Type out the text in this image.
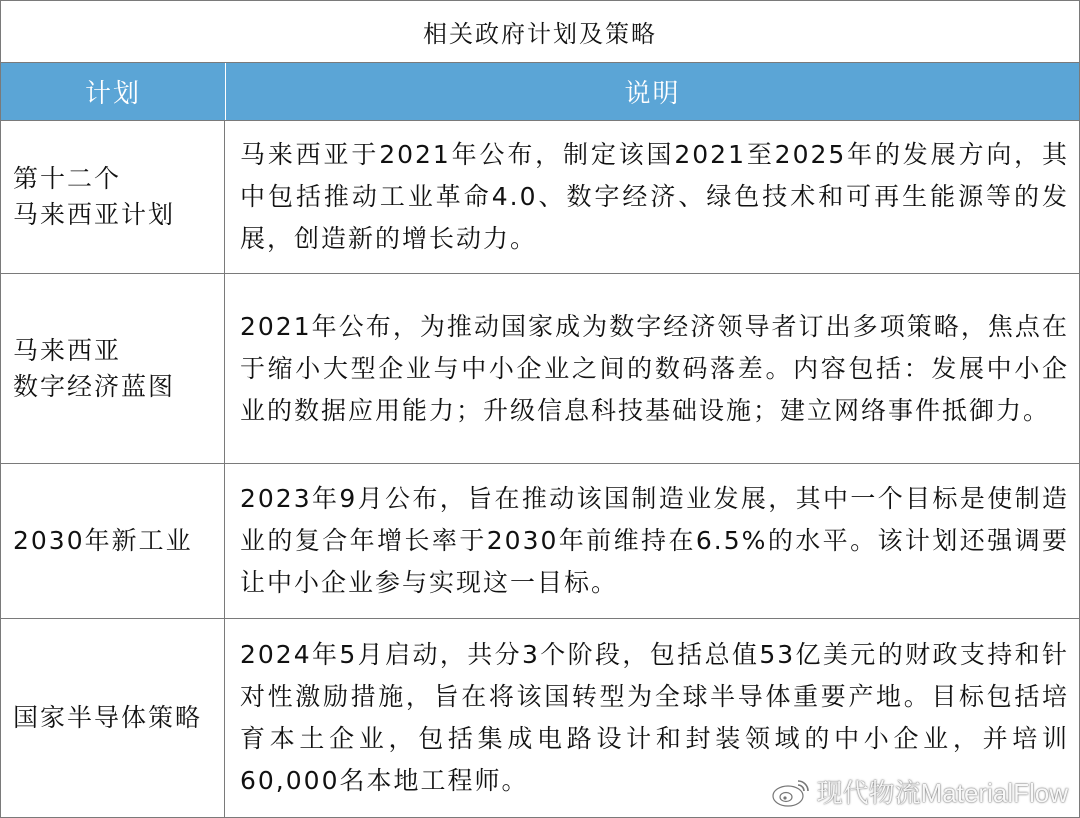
相关政府计划及策略
计划	说明
第十二个
马来西亚计划
马来西亚于2021年公布，制定该国2021至2025年的发展方向，其中包括推动工业革命4.0、数字经济、绿色技术和可再生能源等的发展，创造新的增长动力。
马来西亚
数字经济蓝图
2021年公布，为推动国家成为数字经济领导者订出多项策略，焦点在于缩小大型企业与中小企业之间的数码落差。内容包括：发展中小企业的数据应用能力；升级信息科技基础设施；建立网络事件抵御力。
2030年新工业
2023年9月公布，旨在推动该国制造业发展，其中一个目标是使制造业的复合年增长率于2030年前维持在6.5%的水平。该计划还强调要让中小企业参与实现这一目标。
国家半导体策略
2024年5月启动，共分3个阶段，包括总值53亿美元的财政支持和针对性激励措施，旨在将该国转型为全球半导体重要产地。目标包括培育本土企业，包括集成电路设计和封装领域的中小企业，并培训60,000名本地工程师。	现代物流MaterialFlow
